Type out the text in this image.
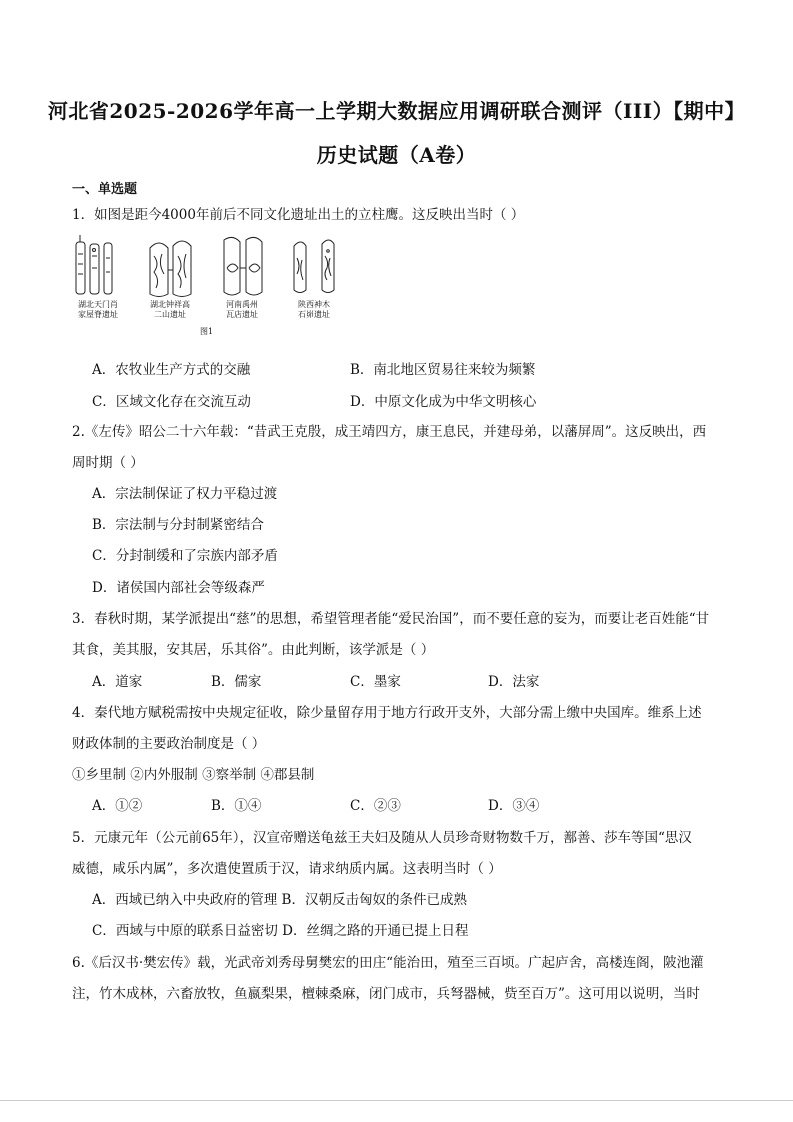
河北省2025-2026学年高一上学期大数据应用调研联合测评（III）【期中】
历史试题（A卷）
一、单选题
1．如图是距今4000年前后不同文化遗址出土的立柱鹰。这反映出当时（ ）
湖北天门肖
家屋脊遗址
湖北钟祥高
二山遗址
河南禹州
瓦店遗址
陕西神木
石峁遗址
图1
A．农牧业生产方式的交融	B．南北地区贸易往来较为频繁
C．区域文化存在交流互动	D．中原文化成为中华文明核心
2.《左传》昭公二十六年载：“昔武王克殷，成王靖四方，康王息民，并建母弟，以藩屏周”。这反映出，西
周时期（ ）
A．宗法制保证了权力平稳过渡
B．宗法制与分封制紧密结合
C．分封制缓和了宗族内部矛盾
D．诸侯国内部社会等级森严
3．春秋时期，某学派提出“慈”的思想，希望管理者能“爱民治国”，而不要任意的妄为，而要让老百姓能“甘
其食，美其服，安其居，乐其俗”。由此判断，该学派是（ ）
A．道家	B．儒家	C．墨家	D．法家
4．秦代地方赋税需按中央规定征收，除少量留存用于地方行政开支外，大部分需上缴中央国库。维系上述
财政体制的主要政治制度是（ ）
①乡里制 ②内外服制 ③察举制 ④郡县制
A．①②	B．①④	C．②③	D．③④
5．元康元年（公元前65年），汉宣帝赠送龟兹王夫妇及随从人员珍奇财物数千万，鄯善、莎车等国“思汉
威德，咸乐内属”，多次遣使置质于汉，请求纳质内属。这表明当时（ ）
A．西域已纳入中央政府的管理 B．汉朝反击匈奴的条件已成熟
C．西域与中原的联系日益密切 D．丝绸之路的开通已提上日程
6.《后汉书·樊宏传》载，光武帝刘秀母舅樊宏的田庄“能治田，殖至三百顷。广起庐舍，高楼连阁，陂池灌
注，竹木成林，六畜放牧，鱼嬴梨果，檀棘桑麻，闭门成市，兵弩器械，赀至百万”。这可用以说明，当时
